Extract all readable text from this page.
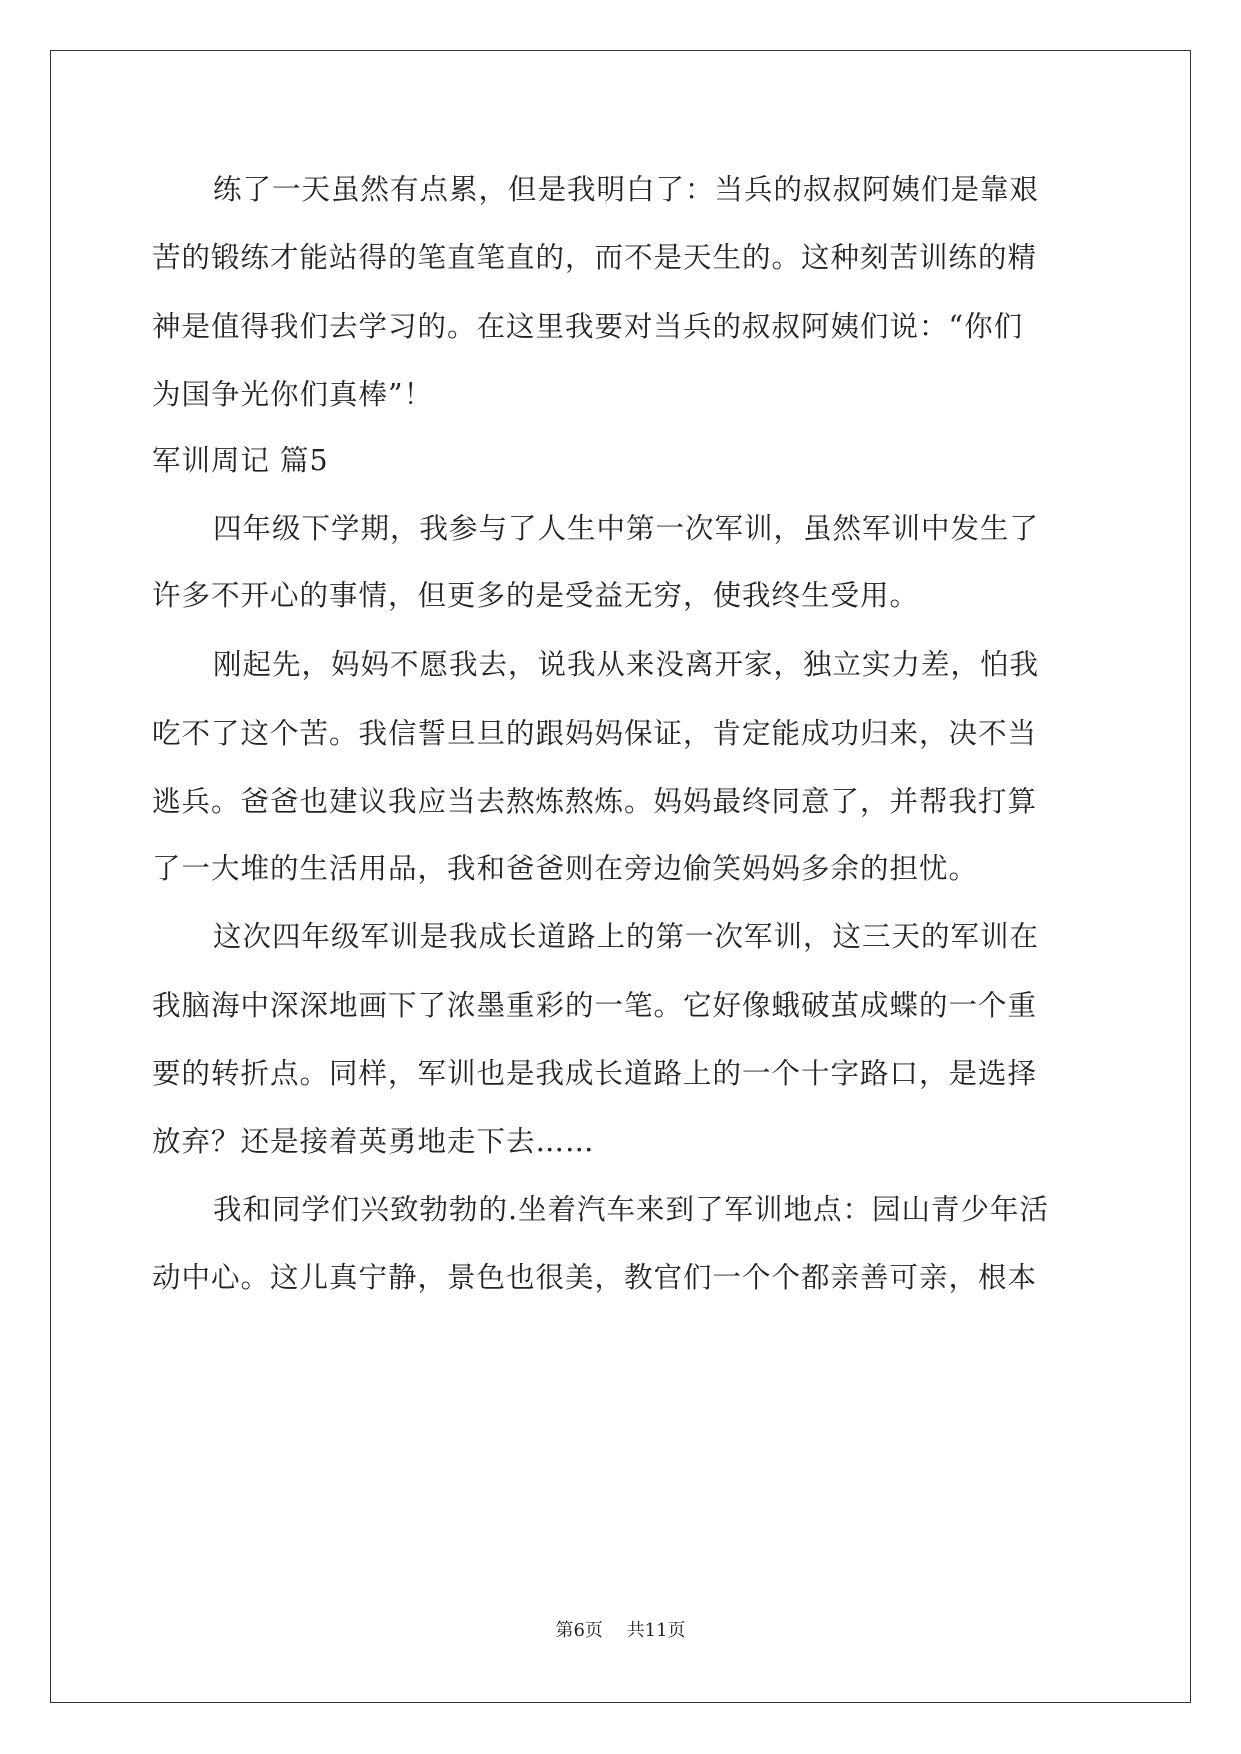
练了一天虽然有点累，但是我明白了：当兵的叔叔阿姨们是靠艰
苦的锻练才能站得的笔直笔直的，而不是天生的。这种刻苦训练的精
神是值得我们去学习的。在这里我要对当兵的叔叔阿姨们说：“你们
为国争光你们真棒”！
军训周记 篇5
四年级下学期，我参与了人生中第一次军训，虽然军训中发生了
许多不开心的事情，但更多的是受益无穷，使我终生受用。
刚起先，妈妈不愿我去，说我从来没离开家，独立实力差，怕我
吃不了这个苦。我信誓旦旦的跟妈妈保证，肯定能成功归来，决不当
逃兵。爸爸也建议我应当去熬炼熬炼。妈妈最终同意了，并帮我打算
了一大堆的生活用品，我和爸爸则在旁边偷笑妈妈多余的担忧。
这次四年级军训是我成长道路上的第一次军训，这三天的军训在
我脑海中深深地画下了浓墨重彩的一笔。它好像蛾破茧成蝶的一个重
要的转折点。同样，军训也是我成长道路上的一个十字路口，是选择
放弃？还是接着英勇地走下去……
我和同学们兴致勃勃的.坐着汽车来到了军训地点：园山青少年活
动中心。这儿真宁静，景色也很美，教官们一个个都亲善可亲，根本
第6页 共11页
